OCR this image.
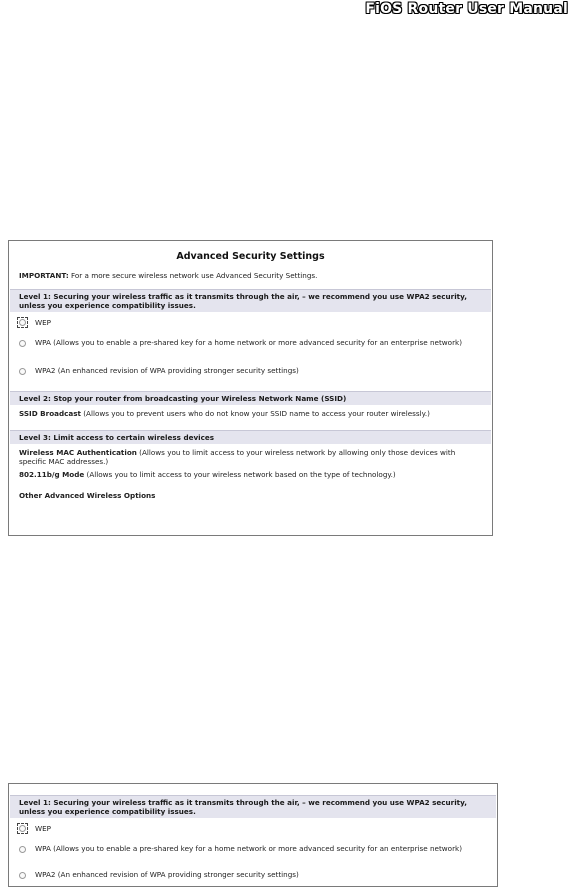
FiOS Router User Manual
Advanced Security Settings
IMPORTANT: For a more secure wireless network use Advanced Security Settings.
Level 1: Securing your wireless traffic as it transmits through the air, – we recommend you use WPA2 security, unless you experience compatibility issues.
WEP
WPA (Allows you to enable a pre-shared key for a home network or more advanced security for an enterprise network)
WPA2 (An enhanced revision of WPA providing stronger security settings)
Level 2: Stop your router from broadcasting your Wireless Network Name (SSID)
SSID Broadcast (Allows you to prevent users who do not know your SSID name to access your router wirelessly.)
Level 3: Limit access to certain wireless devices
Wireless MAC Authentication (Allows you to limit access to your wireless network by allowing only those devices with specific MAC addresses.)
802.11b/g Mode (Allows you to limit access to your wireless network based on the type of technology.)
Other Advanced Wireless Options
Level 1: Securing your wireless traffic as it transmits through the air, – we recommend you use WPA2 security, unless you experience compatibility issues.
WEP
WPA (Allows you to enable a pre-shared key for a home network or more advanced security for an enterprise network)
WPA2 (An enhanced revision of WPA providing stronger security settings)
